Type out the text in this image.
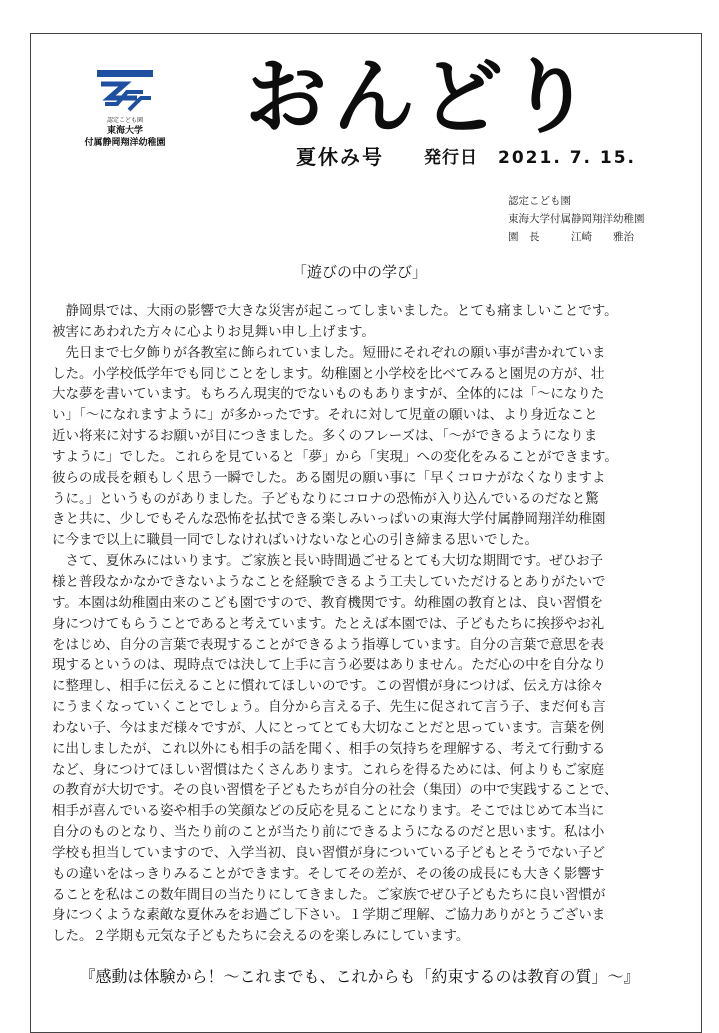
認定こども園
東海大学
付属静岡翔洋幼稚園 おんどり
夏休み号 発行日 2021. 7. 15.
認定こども園
東海大学付属静岡翔洋幼稚園
園　長　　　江崎　　雅治
「遊びの中の学び」
　静岡県では、大雨の影響で大きな災害が起こってしまいました。とても痛ましいことです。
被害にあわれた方々に心よりお見舞い申し上げます。
　先日まで七夕飾りが各教室に飾られていました。短冊にそれぞれの願い事が書かれていま
した。小学校低学年でも同じことをします。幼稚園と小学校を比べてみると園児の方が、壮
大な夢を書いています。もちろん現実的でないものもありますが、全体的には「～になりた
い」「～になれますように」が多かったです。それに対して児童の願いは、より身近なこと
近い将来に対するお願いが目につきました。多くのフレーズは、「～ができるようになりま
すように」でした。これらを見ていると「夢」から「実現」への変化をみることができます。
彼らの成長を頼もしく思う一瞬でした。ある園児の願い事に「早くコロナがなくなりますよ
うに。」というものがありました。子どもなりにコロナの恐怖が入り込んでいるのだなと驚
きと共に、少しでもそんな恐怖を払拭できる楽しみいっぱいの東海大学付属静岡翔洋幼稚園
に今まで以上に職員一同でしなければいけないなと心の引き締まる思いでした。
　さて、夏休みにはいります。ご家族と長い時間過ごせるとても大切な期間です。ぜひお子
様と普段なかなかできないようなことを経験できるよう工夫していただけるとありがたいで
す。本園は幼稚園由来のこども園ですので、教育機関です。幼稚園の教育とは、良い習慣を
身につけてもらうことであると考えています。たとえば本園では、子どもたちに挨拶やお礼
をはじめ、自分の言葉で表現することができるよう指導しています。自分の言葉で意思を表
現するというのは、現時点では決して上手に言う必要はありません。ただ心の中を自分なり
に整理し、相手に伝えることに慣れてほしいのです。この習慣が身につけば、伝え方は徐々
にうまくなっていくことでしょう。自分から言える子、先生に促されて言う子、まだ何も言
わない子、今はまだ様々ですが、人にとってとても大切なことだと思っています。言葉を例
に出しましたが、これ以外にも相手の話を聞く、相手の気持ちを理解する、考えて行動する
など、身につけてほしい習慣はたくさんあります。これらを得るためには、何よりもご家庭
の教育が大切です。その良い習慣を子どもたちが自分の社会（集団）の中で実践することで、
相手が喜んでいる姿や相手の笑顔などの反応を見ることになります。そこではじめて本当に
自分のものとなり、当たり前のことが当たり前にできるようになるのだと思います。私は小
学校も担当していますので、入学当初、良い習慣が身についている子どもとそうでない子ど
もの違いをはっきりみることができます。そしてその差が、その後の成長にも大きく影響す
ることを私はこの数年間目の当たりにしてきました。ご家族でぜひ子どもたちに良い習慣が
身につくような素敵な夏休みをお過ごし下さい。１学期ご理解、ご協力ありがとうございま
した。２学期も元気な子どもたちに会えるのを楽しみにしています。
『感動は体験から！～これまでも、これからも「約束するのは教育の質」～』
